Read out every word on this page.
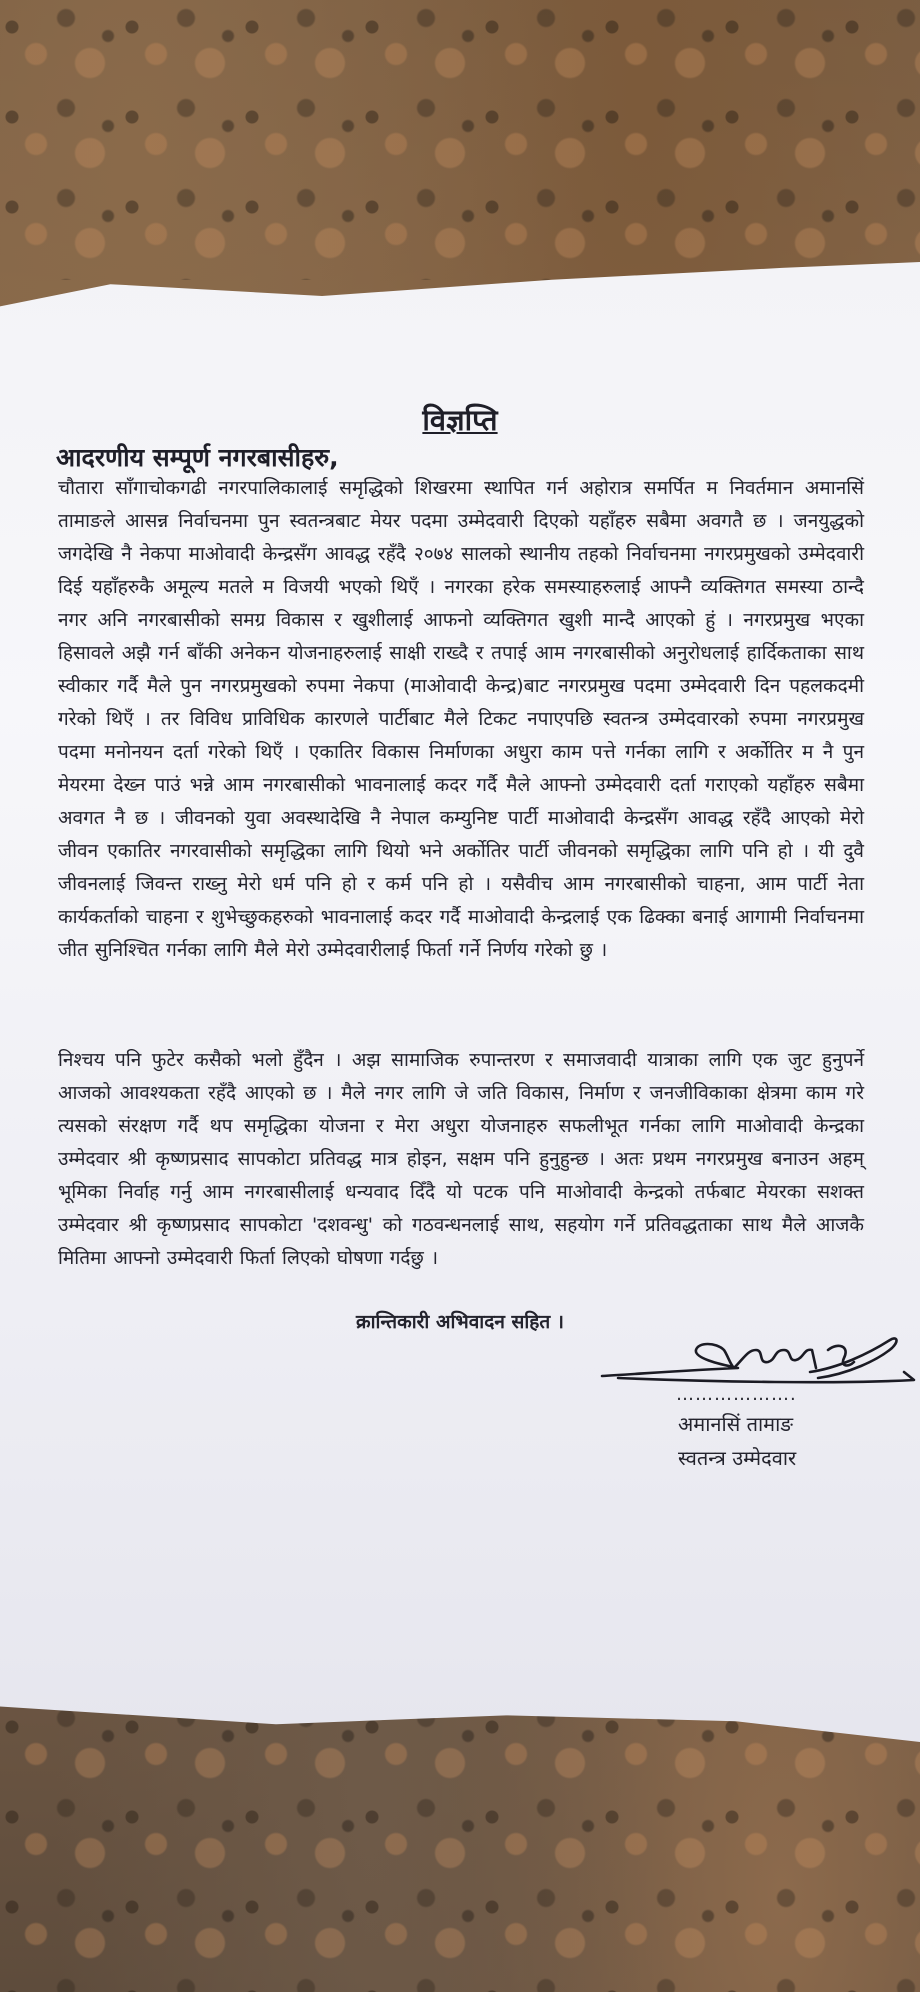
विज्ञप्ति
आदरणीय सम्पूर्ण नगरबासीहरु,
चौतारा साँगाचोकगढी नगरपालिकालाई समृद्धिको शिखरमा स्थापित गर्न अहोरात्र समर्पित म निवर्तमान अमानसिं तामाङले आसन्न निर्वाचनमा पुन स्वतन्त्रबाट मेयर पदमा उम्मेदवारी दिएको यहाँहरु सबैमा अवगतै छ । जनयुद्धको जगदेखि नै नेकपा माओवादी केन्द्रसँग आवद्ध रहँदै २०७४ सालको स्थानीय तहको निर्वाचनमा नगरप्रमुखको उम्मेदवारी दिई यहाँहरुकै अमूल्य मतले म विजयी भएको थिएँ । नगरका हरेक समस्याहरुलाई आफ्नै व्यक्तिगत समस्या ठान्दै नगर अनि नगरबासीको समग्र विकास र खुशीलाई आफनो व्यक्तिगत खुशी मान्दै आएको हुं । नगरप्रमुख भएका हिसावले अझै गर्न बाँकी अनेकन योजनाहरुलाई साक्षी राख्दै र तपाई आम नगरबासीको अनुरोधलाई हार्दिकताका साथ स्वीकार गर्दै मैले पुन नगरप्रमुखको रुपमा नेकपा (माओवादी केन्द्र)बाट नगरप्रमुख पदमा उम्मेदवारी दिन पहलकदमी गरेको थिएँ । तर विविध प्राविधिक कारणले पार्टीबाट मैले टिकट नपाएपछि स्वतन्त्र उम्मेदवारको रुपमा नगरप्रमुख पदमा मनोनयन दर्ता गरेको थिएँ । एकातिर विकास निर्माणका अधुरा काम पत्ते गर्नका लागि र अर्कोतिर म नै पुन मेयरमा देख्न पाउं भन्ने आम नगरबासीको भावनालाई कदर गर्दै मैले आफ्नो उम्मेदवारी दर्ता गराएको यहाँहरु सबैमा अवगत नै छ । जीवनको युवा अवस्थादेखि नै नेपाल कम्युनिष्ट पार्टी माओवादी केन्द्रसँग आवद्ध रहँदै आएको मेरो जीवन एकातिर नगरवासीको समृद्धिका लागि थियो भने अर्कोतिर पार्टी जीवनको समृद्धिका लागि पनि हो । यी दुवै जीवनलाई जिवन्त राख्नु मेरो धर्म पनि हो र कर्म पनि हो । यसैवीच आम नगरबासीको चाहना, आम पार्टी नेता कार्यकर्ताको चाहना र शुभेच्छुकहरुको भावनालाई कदर गर्दै माओवादी केन्द्रलाई एक ढिक्का बनाई आगामी निर्वाचनमा जीत सुनिश्चित गर्नका लागि मैले मेरो उम्मेदवारीलाई फिर्ता गर्ने निर्णय गरेको छु ।
निश्चय पनि फुटेर कसैको भलो हुँदैन । अझ सामाजिक रुपान्तरण र समाजवादी यात्राका लागि एक जुट हुनुपर्ने आजको आवश्यकता रहँदै आएको छ । मैले नगर लागि जे जति विकास, निर्माण र जनजीविकाका क्षेत्रमा काम गरे त्यसको संरक्षण गर्दै थप समृद्धिका योजना र मेरा अधुरा योजनाहरु सफलीभूत गर्नका लागि माओवादी केन्द्रका उम्मेदवार श्री कृष्णप्रसाद सापकोटा प्रतिवद्ध मात्र होइन, सक्षम पनि हुनुहुन्छ । अतः प्रथम नगरप्रमुख बनाउन अहम् भूमिका निर्वाह गर्नु आम नगरबासीलाई धन्यवाद दिँदै यो पटक पनि माओवादी केन्द्रको तर्फबाट मेयरका सशक्त उम्मेदवार श्री कृष्णप्रसाद सापकोटा 'दशवन्धु' को गठवन्धनलाई साथ, सहयोग गर्ने प्रतिवद्धताका साथ मैले आजकै मितिमा आफ्नो उम्मेदवारी फिर्ता लिएको घोषणा गर्दछु ।
क्रान्तिकारी अभिवादन सहित ।
……………….
अमानसिं तामाङ
स्वतन्त्र उम्मेदवार
